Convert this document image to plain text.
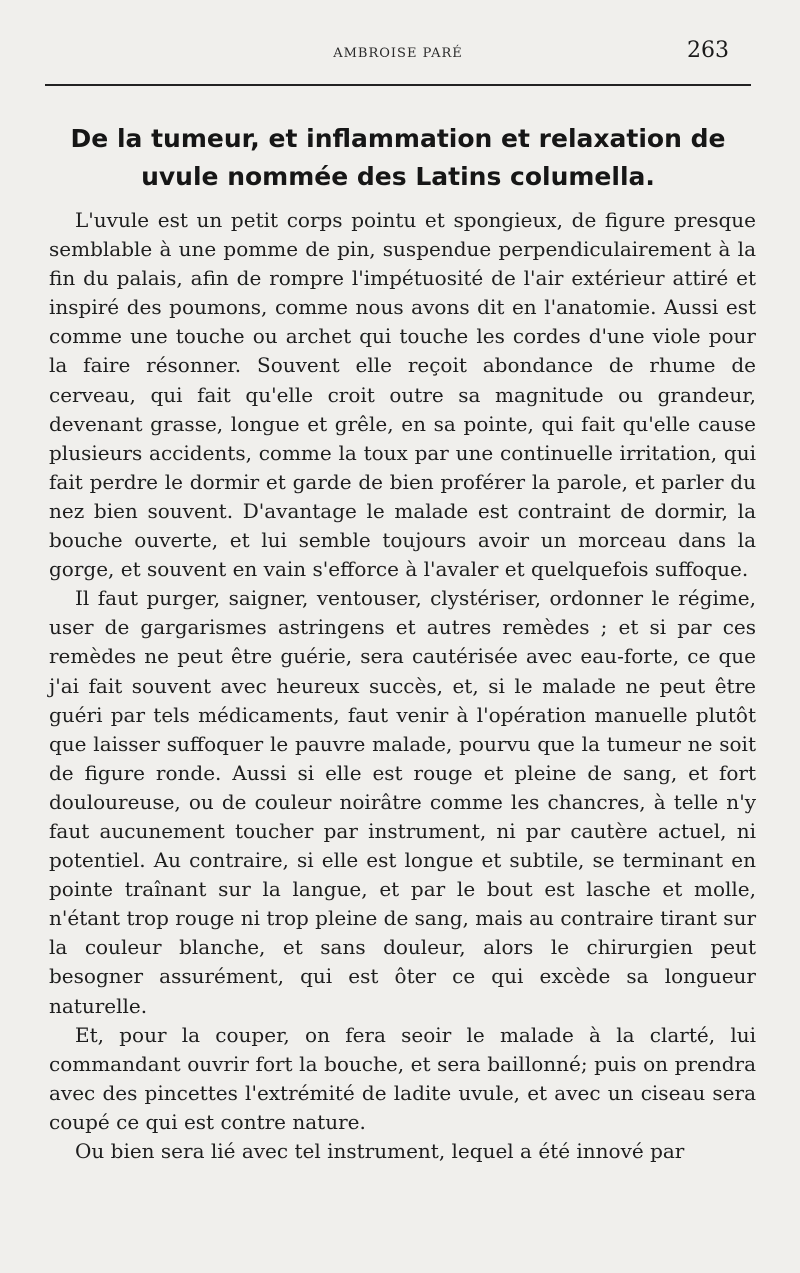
AMBROISE PARÉ	263
De la tumeur, et inflammation et relaxation de uvule nommée des Latins columella.

L'uvule est un petit corps pointu et spongieux, de figure presque semblable à une pomme de pin, suspendue perpendiculairement à la fin du palais, afin de rompre l'impétuosité de l'air extérieur attiré et inspiré des poumons, comme nous avons dit en l'anatomie. Aussi est comme une touche ou archet qui touche les cordes d'une viole pour la faire résonner. Souvent elle reçoit abondance de rhume de cerveau, qui fait qu'elle croit outre sa magnitude ou grandeur, devenant grasse, longue et grêle, en sa pointe, qui fait qu'elle cause plusieurs accidents, comme la toux par une continuelle irritation, qui fait perdre le dormir et garde de bien proférer la parole, et parler du nez bien souvent. D'avantage le malade est contraint de dormir, la bouche ouverte, et lui semble toujours avoir un morceau dans la gorge, et souvent en vain s'efforce à l'avaler et quelquefois suffoque.

Il faut purger, saigner, ventouser, clystériser, ordonner le régime, user de gargarismes astringens et autres remèdes ; et si par ces remèdes ne peut être guérie, sera cautérisée avec eau-forte, ce que j'ai fait souvent avec heureux succès, et, si le malade ne peut être guéri par tels médicaments, faut venir à l'opération manuelle plutôt que laisser suffoquer le pauvre malade, pourvu que la tumeur ne soit de figure ronde. Aussi si elle est rouge et pleine de sang, et fort douloureuse, ou de couleur noirâtre comme les chancres, à telle n'y faut aucunement toucher par instrument, ni par cautère actuel, ni potentiel. Au contraire, si elle est longue et subtile, se terminant en pointe traînant sur la langue, et par le bout est lasche et molle, n'étant trop rouge ni trop pleine de sang, mais au contraire tirant sur la couleur blanche, et sans douleur, alors le chirurgien peut besogner assurément, qui est ôter ce qui excède sa longueur naturelle.

Et, pour la couper, on fera seoir le malade à la clarté, lui commandant ouvrir fort la bouche, et sera baillonné; puis on prendra avec des pincettes l'extrémité de ladite uvule, et avec un ciseau sera coupé ce qui est contre nature.

Ou bien sera lié avec tel instrument, lequel a été innové par
